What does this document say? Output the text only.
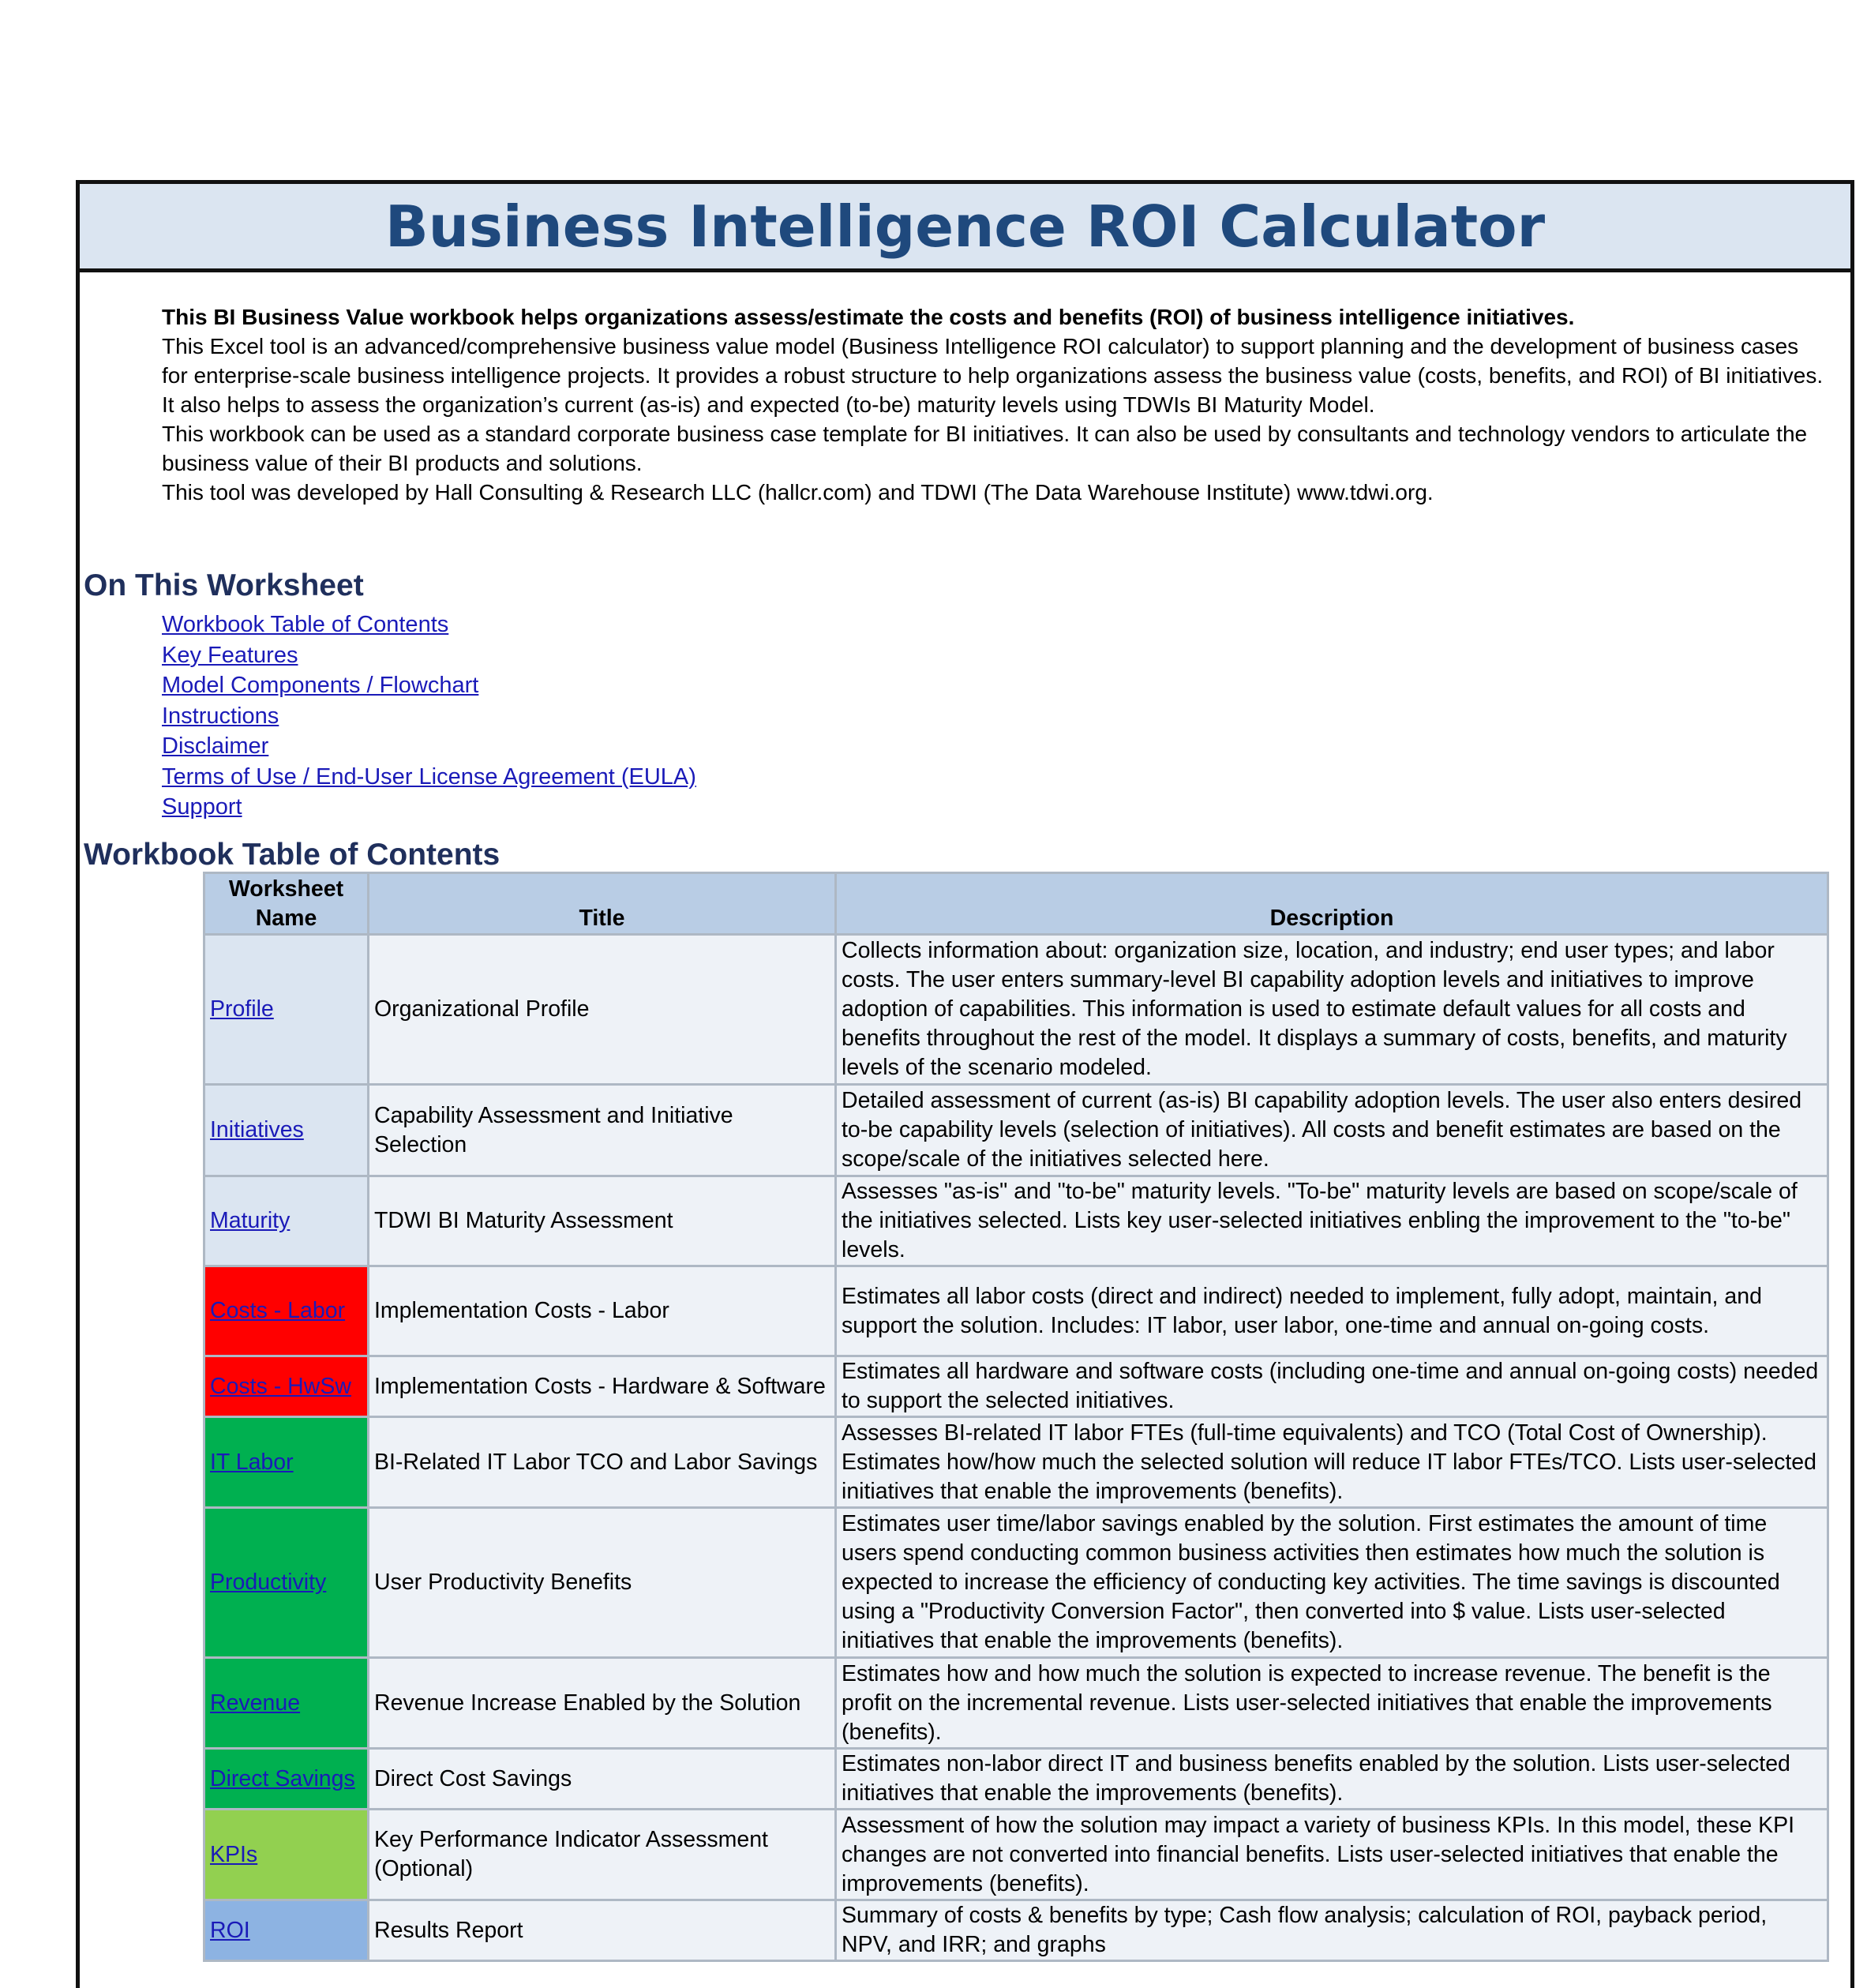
Business Intelligence ROI Calculator

This BI Business Value workbook helps organizations assess/estimate the costs and benefits (ROI) of business intelligence initiatives.

This Excel tool is an advanced/comprehensive business value model (Business Intelligence ROI calculator) to support planning and the development of business cases for enterprise-scale business intelligence projects. It provides a robust structure to help organizations assess the business value (costs, benefits, and ROI) of BI initiatives. It also helps to assess the organization’s current (as-is) and expected (to-be) maturity levels using TDWIs BI Maturity Model.

This workbook can be used as a standard corporate business case template for BI initiatives. It can also be used by consultants and technology vendors to articulate the business value of their BI products and solutions.

This tool was developed by Hall Consulting & Research LLC (hallcr.com) and TDWI (The Data Warehouse Institute) www.tdwi.org.

On This Worksheet
Workbook Table of Contents
Key Features
Model Components / Flowchart
Instructions
Disclaimer
Terms of Use / End-User License Agreement (EULA)
Support
Workbook Table of Contents
Worksheet
Name	Title	Description
Profile	Organizational Profile	Collects information about: organization size, location, and industry; end user types; and labor costs. The user enters summary-level BI capability adoption levels and initiatives to improve adoption of capabilities. This information is used to estimate default values for all costs and benefits throughout the rest of the model. It displays a summary of costs, benefits, and maturity levels of the scenario modeled.
Initiatives	Capability Assessment and Initiative Selection	Detailed assessment of current (as-is) BI capability adoption levels. The user also enters desired to-be capability levels (selection of initiatives). All costs and benefit estimates are based on the scope/scale of the initiatives selected here.
Maturity	TDWI BI Maturity Assessment	Assesses "as-is" and "to-be" maturity levels. "To-be" maturity levels are based on scope/scale of the initiatives selected. Lists key user-selected initiatives enbling the improvement to the "to-be" levels.
Costs - Labor	Implementation Costs - Labor	Estimates all labor costs (direct and indirect) needed to implement, fully adopt, maintain, and support the solution. Includes: IT labor, user labor, one-time and annual on-going costs.
Costs - HwSw	Implementation Costs - Hardware & Software	Estimates all hardware and software costs (including one-time and annual on-going costs) needed to support the selected initiatives.
IT Labor	BI-Related IT Labor TCO and Labor Savings	Assesses BI-related IT labor FTEs (full-time equivalents) and TCO (Total Cost of Ownership). Estimates how/how much the selected solution will reduce IT labor FTEs/TCO. Lists user-selected initiatives that enable the improvements (benefits).
Productivity	User Productivity Benefits	Estimates user time/labor savings enabled by the solution. First estimates the amount of time users spend conducting common business activities then estimates how much the solution is expected to increase the efficiency of conducting key activities. The time savings is discounted using a "Productivity Conversion Factor", then converted into $ value. Lists user-selected initiatives that enable the improvements (benefits).
Revenue	Revenue Increase Enabled by the Solution	Estimates how and how much the solution is expected to increase revenue. The benefit is the profit on the incremental revenue. Lists user-selected initiatives that enable the improvements (benefits).
Direct Savings	Direct Cost Savings	Estimates non-labor direct IT and business benefits enabled by the solution. Lists user-selected initiatives that enable the improvements (benefits).
KPIs	Key Performance Indicator Assessment (Optional)	Assessment of how the solution may impact a variety of business KPIs. In this model, these KPI changes are not converted into financial benefits. Lists user-selected initiatives that enable the improvements (benefits).
ROI	Results Report	Summary of costs & benefits by type; Cash flow analysis; calculation of ROI, payback period, NPV, and IRR; and graphs
